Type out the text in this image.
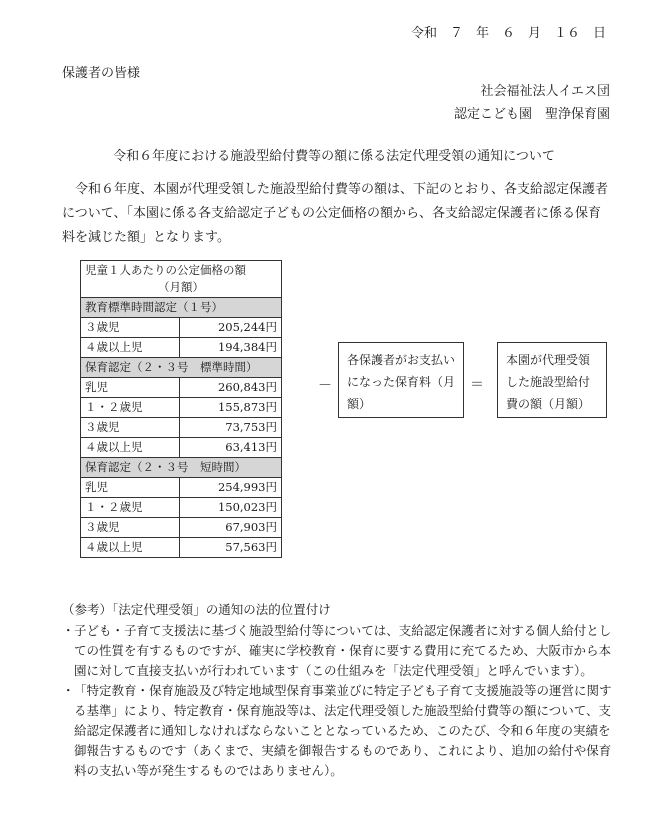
令和　７　年　６　月　１６　日
保護者の皆様
社会福祉法人イエス団
認定こども園　聖浄保育園
令和６年度における施設型給付費等の額に係る法定代理受領の通知について
令和６年度、本園が代理受領した施設型給付費等の額は、下記のとおり、各支給認定保護者について、「本園に係る各支給認定子どもの公定価格の額から、各支給認定保護者に係る保育料を減じた額」となります。
児童１人あたりの公定価格の額
（月額）	

教育標準時間認定（１号）	
３歳児	205,244円
４歳以上児	194,384円
保育認定（２・３号　標準時間）	
乳児	260,843円
１・２歳児	155,873円
３歳児	73,753円
４歳以上児	63,413円
保育認定（２・３号　短時間）	
乳児	254,993円
１・２歳児	150,023円
３歳児	67,903円
４歳以上児	57,563円
－
各保護者がお支払いになった保育料（月額）
＝
本園が代理受領した施設型給付費の額（月額）
（参考）「法定代理受領」の通知の法的位置付け
・ 子ども・子育て支援法に基づく施設型給付等については、支給認定保護者に対する個人給付としての性質を有するものですが、確実に学校教育・保育に要する費用に充てるため、大阪市から本園に対して直接支払いが行われています（この仕組みを「法定代理受領」と呼んでいます）。
・ 「特定教育・保育施設及び特定地域型保育事業並びに特定子ども子育て支援施設等の運営に関する基準」により、特定教育・保育施設等は、法定代理受領した施設型給付費等の額について、支給認定保護者に通知しなければならないこととなっているため、このたび、令和６年度の実績を御報告するものです（あくまで、実績を御報告するものであり、これにより、追加の給付や保育料の支払い等が発生するものではありません）。
